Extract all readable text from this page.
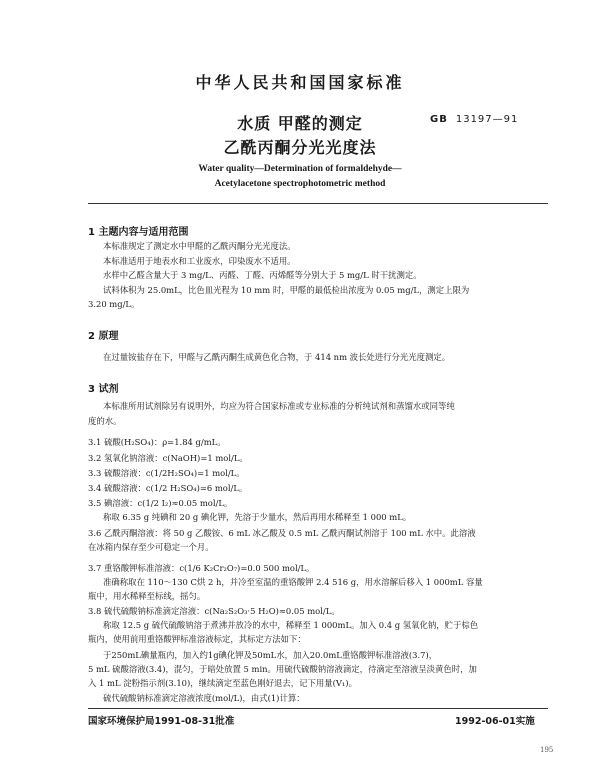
中华人民共和国国家标准
水质 甲醛的测定
乙酰丙酮分光光度法
GB 13197—91
Water quality—Determination of formaldehyde—
Acetylacetone spectrophotometric method
1 主题内容与适用范围
本标准规定了测定水中甲醛的乙酰丙酮分光光度法。
本标准适用于地表水和工业废水，印染废水不适用。
水样中乙醛含量大于 3 mg/L、丙醛、丁醛、丙烯醛等分别大于 5 mg/L 时干扰测定。
试料体积为 25.0mL，比色皿光程为 10 mm 时，甲醛的最低检出浓度为 0.05 mg/L，测定上限为
3.20 mg/L。
2 原理
在过量铵盐存在下，甲醛与乙酰丙酮生成黄色化合物，于 414 nm 波长处进行分光光度测定。
3 试剂
本标准所用试剂除另有说明外，均应为符合国家标准或专业标准的分析纯试剂和蒸馏水或同等纯
度的水。
3.1 硫酸(H₂SO₄)：ρ=1.84 g/mL。
3.2 氢氧化钠溶液：c(NaOH)=1 mol/L。
3.3 硫酸溶液：c(1/2H₂SO₄)=1 mol/L。
3.4 硫酸溶液：c(1/2 H₂SO₄)=6 mol/L。
3.5 碘溶液：c(1/2 I₂)≈0.05 mol/L。
称取 6.35 g 纯碘和 20 g 碘化钾，先溶于少量水，然后再用水稀释至 1 000 mL。
3.6 乙酰丙酮溶液：将 50 g 乙酸铵、6 mL 冰乙酸及 0.5 mL 乙酰丙酮试剂溶于 100 mL 水中。此溶液
在冰箱内保存至少可稳定一个月。
3.7 重铬酸钾标准溶液：c(1/6 K₂Cr₂O₇)=0.0 500 mol/L。
准确称取在 110～130 C烘 2 h，并冷至室温的重铬酸钾 2.4 516 g，用水溶解后移入 1 000mL 容量
瓶中，用水稀释至标线，摇匀。
3.8 硫代硫酸钠标准滴定溶液：c(Na₂S₂O₃·5 H₂O)≈0.05 mol/L。
称取 12.5 g 硫代硫酸钠溶于煮沸并放冷的水中，稀释至 1 000mL。加入 0.4 g 氢氧化钠，贮于棕色
瓶内，使用前用重铬酸钾标准溶液标定，其标定方法如下：
于250mL碘量瓶内，加入约1g碘化钾及50mL水，加入20.0mL重铬酸钾标准溶液(3.7)，
5 mL 硫酸溶液(3.4)，混匀，于暗处放置 5 min。用硫代硫酸钠溶液滴定，待滴定至溶液呈淡黄色时，加
入 1 mL 淀粉指示剂(3.10)，继续滴定至蓝色刚好退去，记下用量(V₁)。
硫代硫酸钠标准滴定溶液浓度(mol/L)，由式(1)计算：
国家环境保护局1991-08-31批准	1992-06-01实施
195
